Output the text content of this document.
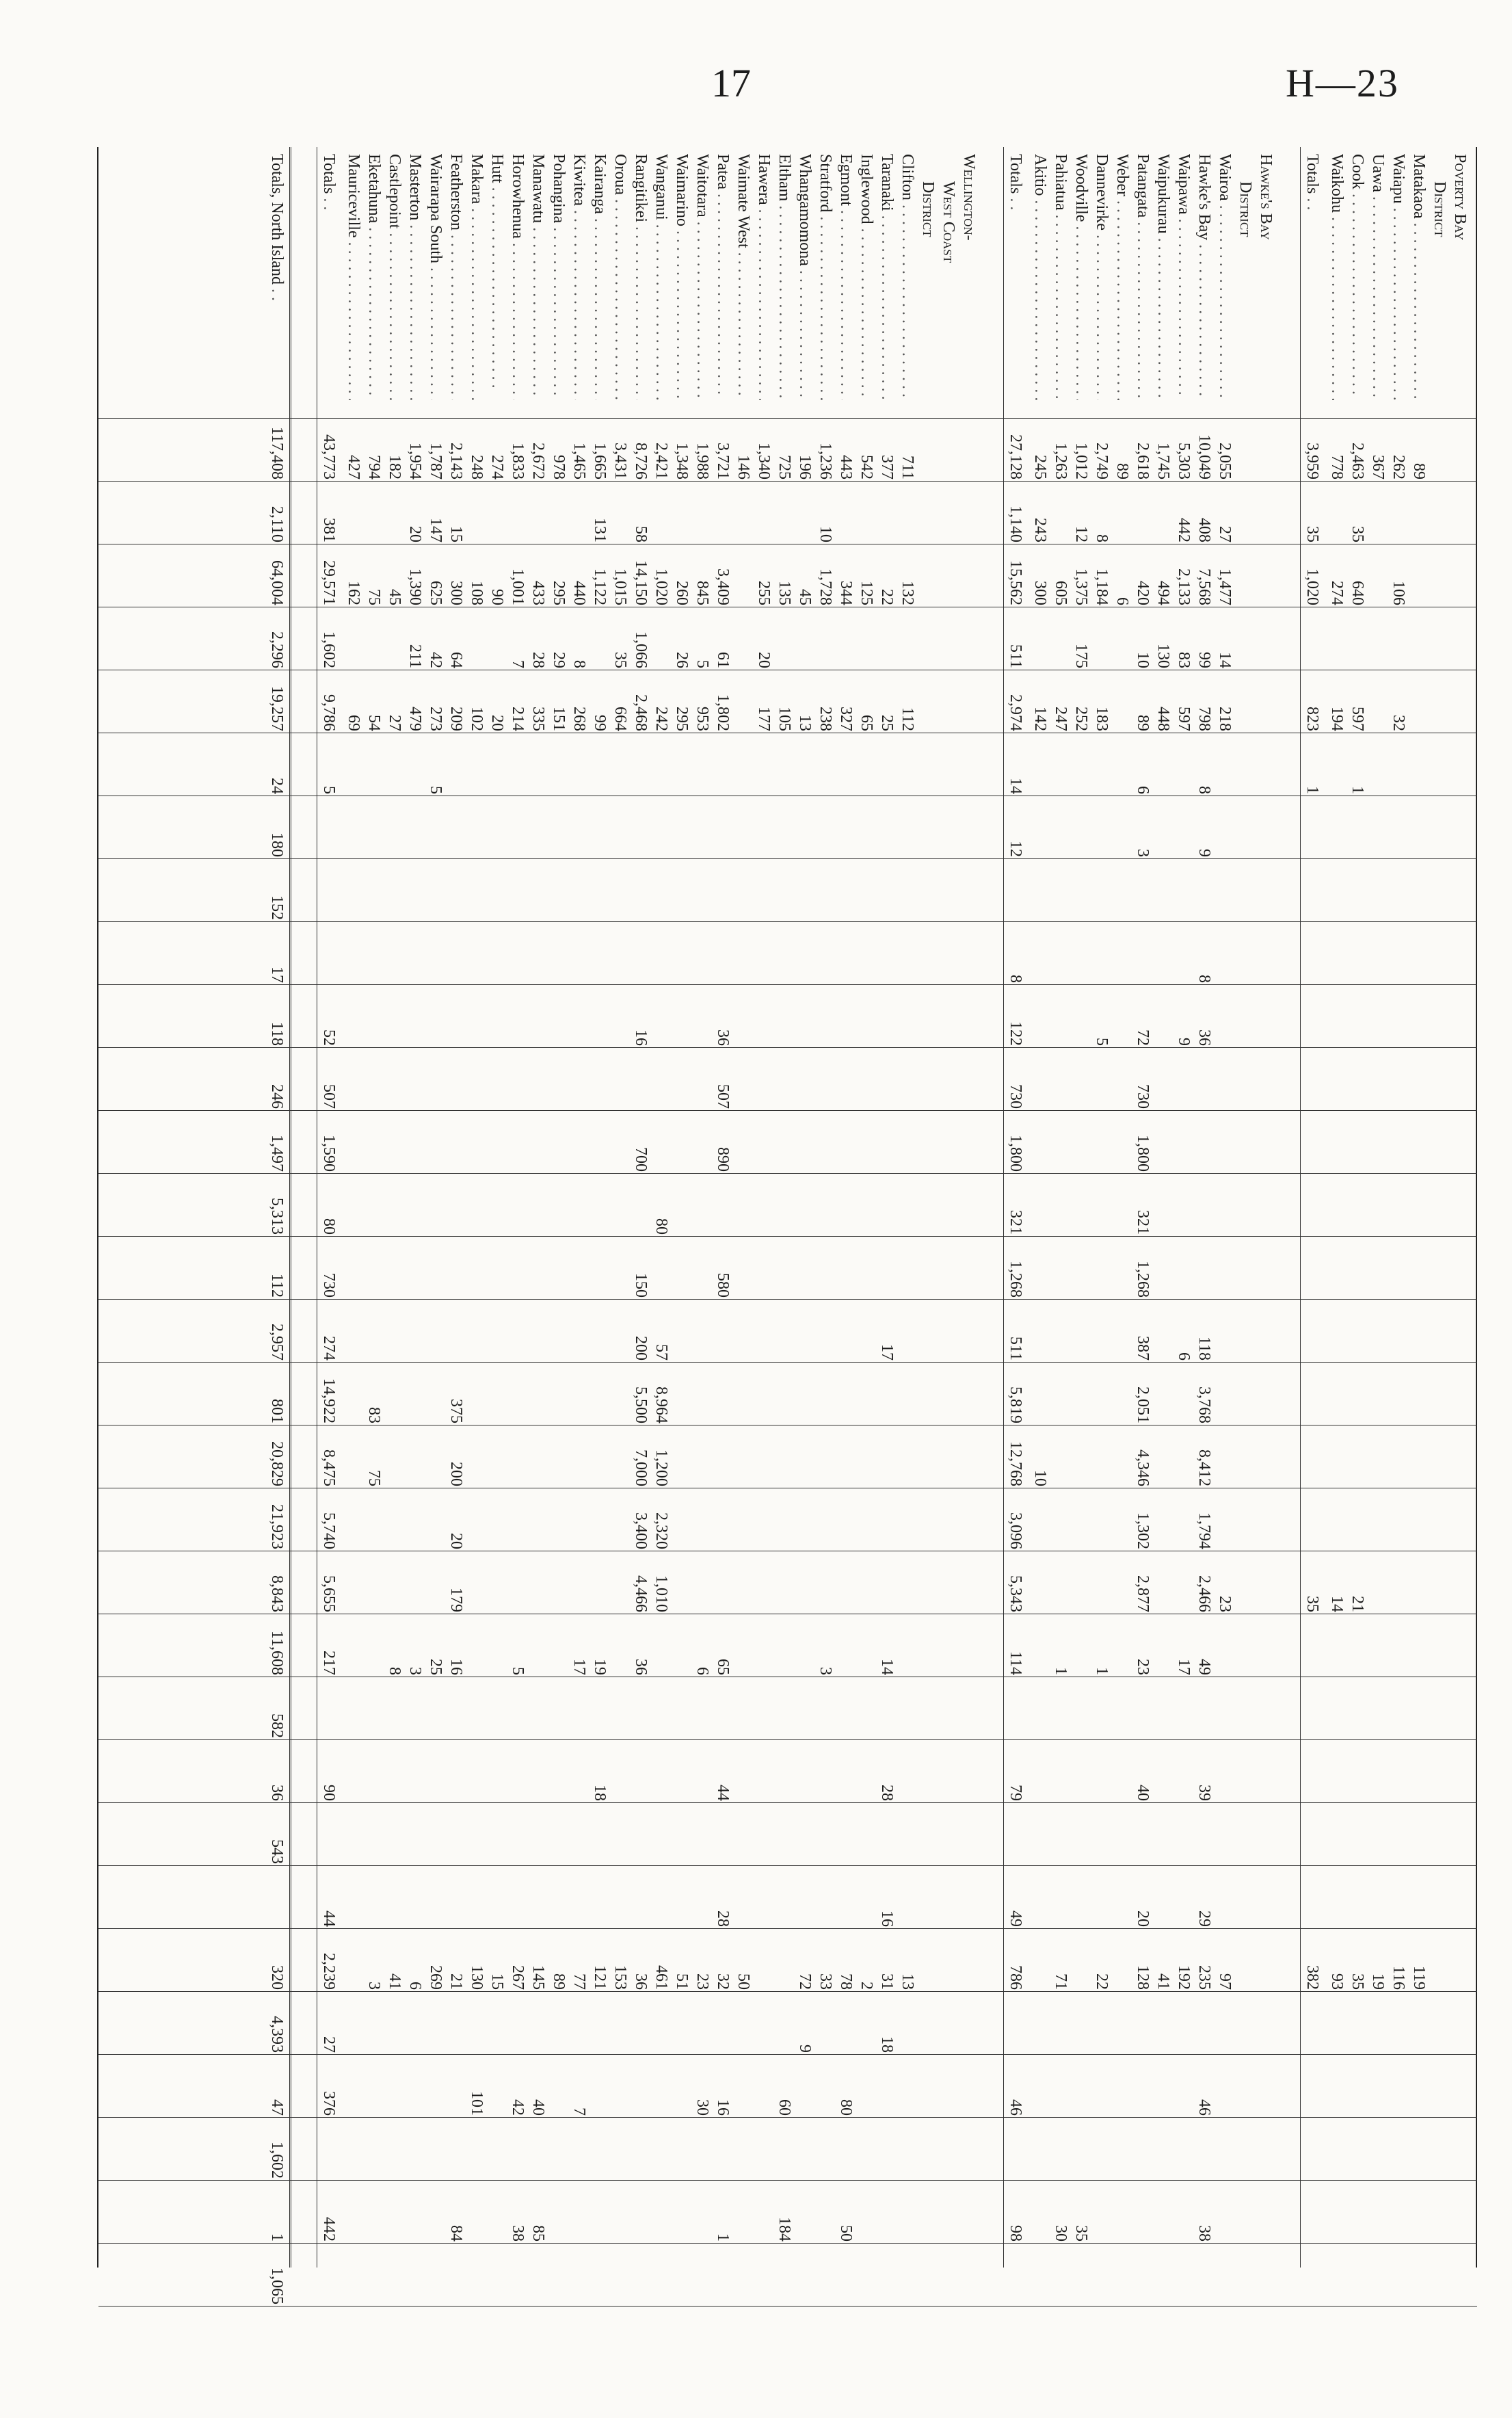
17	H—23
Poverty Bay
District
Matakaoa . . .
89
119
Waiapu . . .
262
106
32
116
Uawa . . .
367
19
Cook . . .
2,463
35
640
597
1
21
35
Waikohu . . .
778
274
194
14
93
Totals . .
3,959
35
1,020
823
1
35
382
Hawke's Bay
District
Wairoa . . .
2,055
27
1,477
14
218
23
97
Hawke's Bay . . .
10,049
408
7,568
99
798
8
9
8
36
118
3,768
8,412
1,794
2,466
49
39
29
235
46
38
Waipawa . . .
5,303
442
2,133
83
597
9
6
17
192
Waipukurau . . .
1,745
494
130
448
41
Patangata . . .
2,618
420
10
89
6
3
72
730
1,800
321
1,268
387
2,051
4,346
1,302
2,877
23
40
20
128
Weber . . .
89
6
Dannevirke . . .
2,749
8
1,184
183
5
1
22
Woodville . . .
1,012
12
1,375
175
252
35
Pahiatua . . .
1,263
605
247
1
71
30
Akitio . . .
245
243
300
142
10
Totals . .
27,128
1,140
15,562
511
2,974
14
12
8
122
730
1,800
321
1,268
511
5,819
12,768
3,096
5,343
114
79
49
786
46
98
Wellington-
West Coast
District
Clifton . . .
711
132
112
13
Taranaki . . .
377
22
25
17
14
28
16
31
18
Inglewood . . .
542
125
65
2
Egmont . . .
443
344
327
78
80
50
Stratford . . .
1,236
10
1,728
238
3
33
Whangamomona . . .
196
45
13
72
9
Eltham . . .
725
135
105
60
184
Hawera . . .
1,340
255
20
177
Waimate West . . .
146
50
Patea . . .
3,721
3,409
61
1,802
36
507
890
580
65
44
28
32
16
1
Waitotara . . .
1,988
845
5
953
6
23
30
Waimarino . . .
1,348
260
26
295
51
Wanganui . . .
2,421
1,020
242
80
57
8,964
1,200
2,320
1,010
461
Rangitikei . . .
8,726
58
14,150
1,066
2,468
16
700
150
200
5,500
7,000
3,400
4,466
36
36
Oroua . . .
3,431
1,015
35
664
153
Kairanga . . .
1,665
131
1,122
99
19
18
121
Kiwitea . . .
1,465
440
8
268
17
77
7
Pohangina . . .
978
295
29
151
89
Manawatu . . .
2,672
433
28
335
145
40
85
Horowhenua . . .
1,833
1,001
7
214
5
267
42
38
Hutt . . .
274
90
20
15
Makara . . .
248
108
102
130
101
Featherston . . .
2,143
15
300
64
209
375
200
20
179
16
21
84
Wairarapa South . . .
1,787
147
625
42
273
5
25
269
Masterton . . .
1,954
20
1,390
211
479
3
6
Castlepoint . . .
182
45
27
8
41
Eketahuna . . .
794
75
54
83
75
3
Mauriceville . . .
427
162
69
Totals . .
43,773
381
29,571
1,602
9,786
5
52
507
1,590
80
730
274
14,922
8,475
5,740
5,655
217
90
44
2,239
27
376
442
Totals, North Island . .
117,408
2,110
64,004
2,296
19,257
24
180
152
17
118
246
1,497
5,313
112
2,957
801
20,829
21,923
8,843
11,608
582
36
543
320
4,393
47
1,602
1
1,065
